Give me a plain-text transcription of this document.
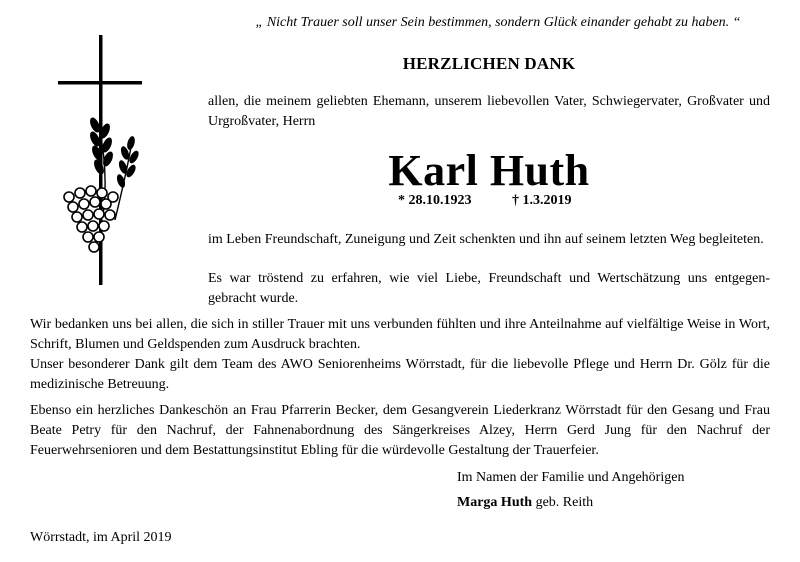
„ Nicht Trauer soll unser Sein bestimmen, sondern Glück einander gehabt zu haben. “
HERZLICHEN DANK

allen, die meinem geliebten Ehemann, unserem liebevollen Vater, Schwiegervater, Großvater und Urgroßvater, Herrn

Karl Huth
* 28.10.1923	† 1.3.2019

im Leben Freundschaft, Zuneigung und Zeit schenkten und ihn auf seinem letzten Weg begleiteten.

Es war tröstend zu erfahren, wie viel Liebe, Freundschaft und Wertschätzung uns entgegen-
gebracht wurde.

Wir bedanken uns bei allen, die sich in stiller Trauer mit uns verbunden fühlten und ihre Anteilnahme auf vielfältige Weise in Wort, Schrift, Blumen und Geldspenden zum Ausdruck brachten.

Unser besonderer Dank gilt dem Team des AWO Seniorenheims Wörrstadt, für die liebevolle Pflege und Herrn Dr. Gölz für die medizinische Betreuung.

Ebenso ein herzliches Dankeschön an Frau Pfarrerin Becker, dem Gesangverein Liederkranz Wörrstadt für den Gesang und Frau Beate Petry für den Nachruf, der Fahnenabordnung des Sängerkreises Alzey, Herrn Gerd Jung für den Nachruf der Feuerwehrsenioren und dem Bestattungsinstitut Ebling für die würdevolle Gestaltung der Trauerfeier.

Im Namen der Familie und Angehörigen
Marga Huth geb. Reith
Wörrstadt, im April 2019
